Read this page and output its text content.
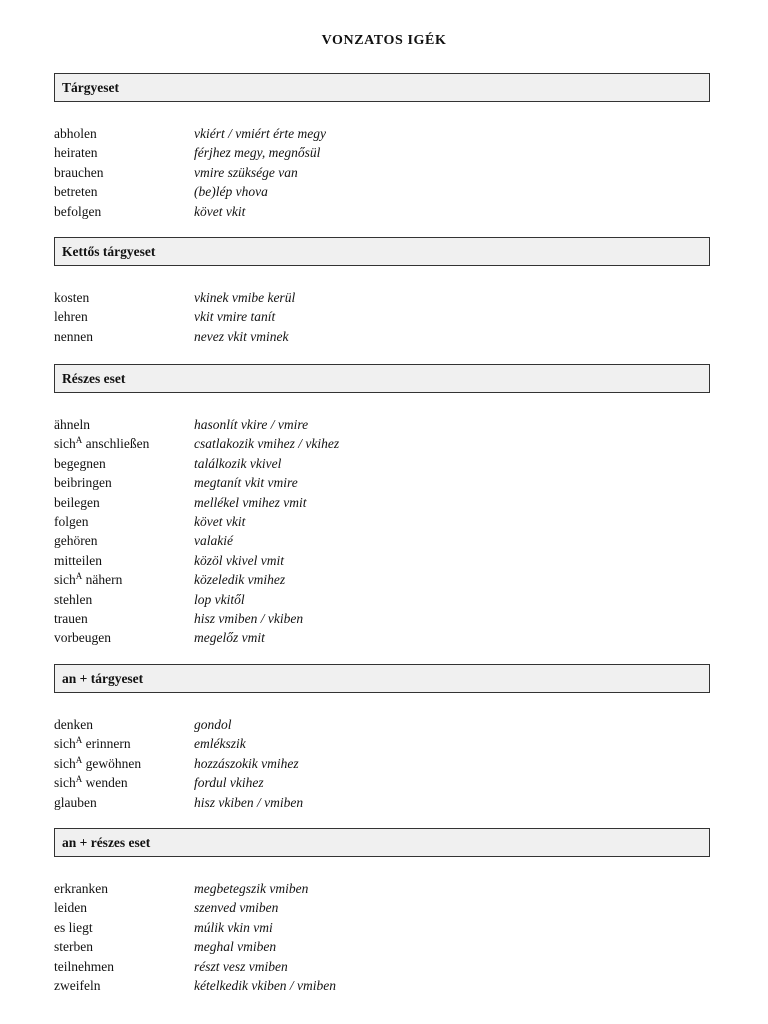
VONZATOS IGÉK
Tárgyeset
abholen	vkiért / vmiért érte megy
heiraten	férjhez megy, megnősül
brauchen	vmire szüksége van
betreten	(be)lép vhova
befolgen	követ vkit
Kettős tárgyeset
kosten	vkinek vmibe kerül
lehren	vkit vmire tanít
nennen	nevez vkit vminek
Részes eset
ähneln	hasonlít vkire / vmire
sich$^A$ anschließen	csatlakozik vmihez / vkihez
begegnen	találkozik vkivel
beibringen	megtanít vkit vmire
beilegen	mellékel vmihez vmit
folgen	követ vkit
gehören	valakié
mitteilen	közöl vkivel vmit
sich$^A$ nähern	közeledik vmihez
stehlen	lop vkitől
trauen	hisz vmiben / vkiben
vorbeugen	megelőz vmit
an + tárgyeset
denken	gondol
sich$^A$ erinnern	emlékszik
sich$^A$ gewöhnen	hozzászokik vmihez
sich$^A$ wenden	fordul vkihez
glauben	hisz vkiben / vmiben
an + részes eset
erkranken	megbetegszik vmiben
leiden	szenved vmiben
es liegt	múlik vkin vmi
sterben	meghal vmiben
teilnehmen	részt vesz vmiben
zweifeln	kételkedik vkiben / vmiben
